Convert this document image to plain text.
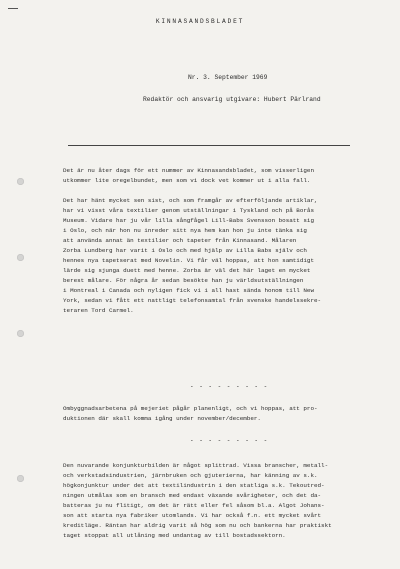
KINNASANDSBLADET
Nr. 3. September 1969
Redaktör och ansvarig utgivare: Hubert Pärlrand
Det är nu åter dags för ett nummer av Kinnasandsbladet, som visserligen
utkommer lite oregelbundet, men som vi dock vet kommer ut i alla fall.
Det har hänt mycket sen sist, och som framgår av efterföljande artiklar,
har vi visst våra textilier genom utställningar i Tyskland och på Borås
Museum. Vidare har ju vår lilla sångfågel Lill-Babs Svensson bosatt sig
i Oslo, och när hon nu inreder sitt nya hem kan hon ju inte tänka sig
att använda annat än textilier och tapeter från Kinnasand. Målaren
Zorba Lundberg har varit i Oslo och med hjälp av Lilla Babs själv och
hennes nya tapetserat med Novelin. Vi får väl hoppas, att hon samtidigt
lärde sig sjunga duett med henne. Zorba är väl det här laget en mycket
berest målare. För några år sedan besökte han ju världsutställningen
i Montreal i Canada och nyligen fick vi i all hast sända honom till New
York, sedan vi fått ett nattligt telefonsamtal från svenske handelssekre-
teraren Tord Carmel.
- - - - - - - - -
Ombyggnadsarbetena på mejeriet pågår planenligt, och vi hoppas, att pro-
duktionen där skall komma igång under november/december.
- - - - - - - - -
Den nuvarande konjunkturbilden är något splittrad. Vissa branscher, metall-
och verkstadsindustrien, järnbruken och gjuterierna, har känning av s.k.
högkonjunktur under det att textilindustrin i den statliga s.k. Tekoutred-
ningen utmålas som en bransch med endast växande svårigheter, och det da-
batteras ju nu flitigt, om det är rätt eller fel såsom bl.a. Algot Johans-
son att starta nya fabriker utomlands. Vi har också f.n. ett mycket svårt
kreditläge. Räntan har aldrig varit så hög som nu och bankerna har praktiskt
taget stoppat all utlåning med undantag av till bostadssektorn.
